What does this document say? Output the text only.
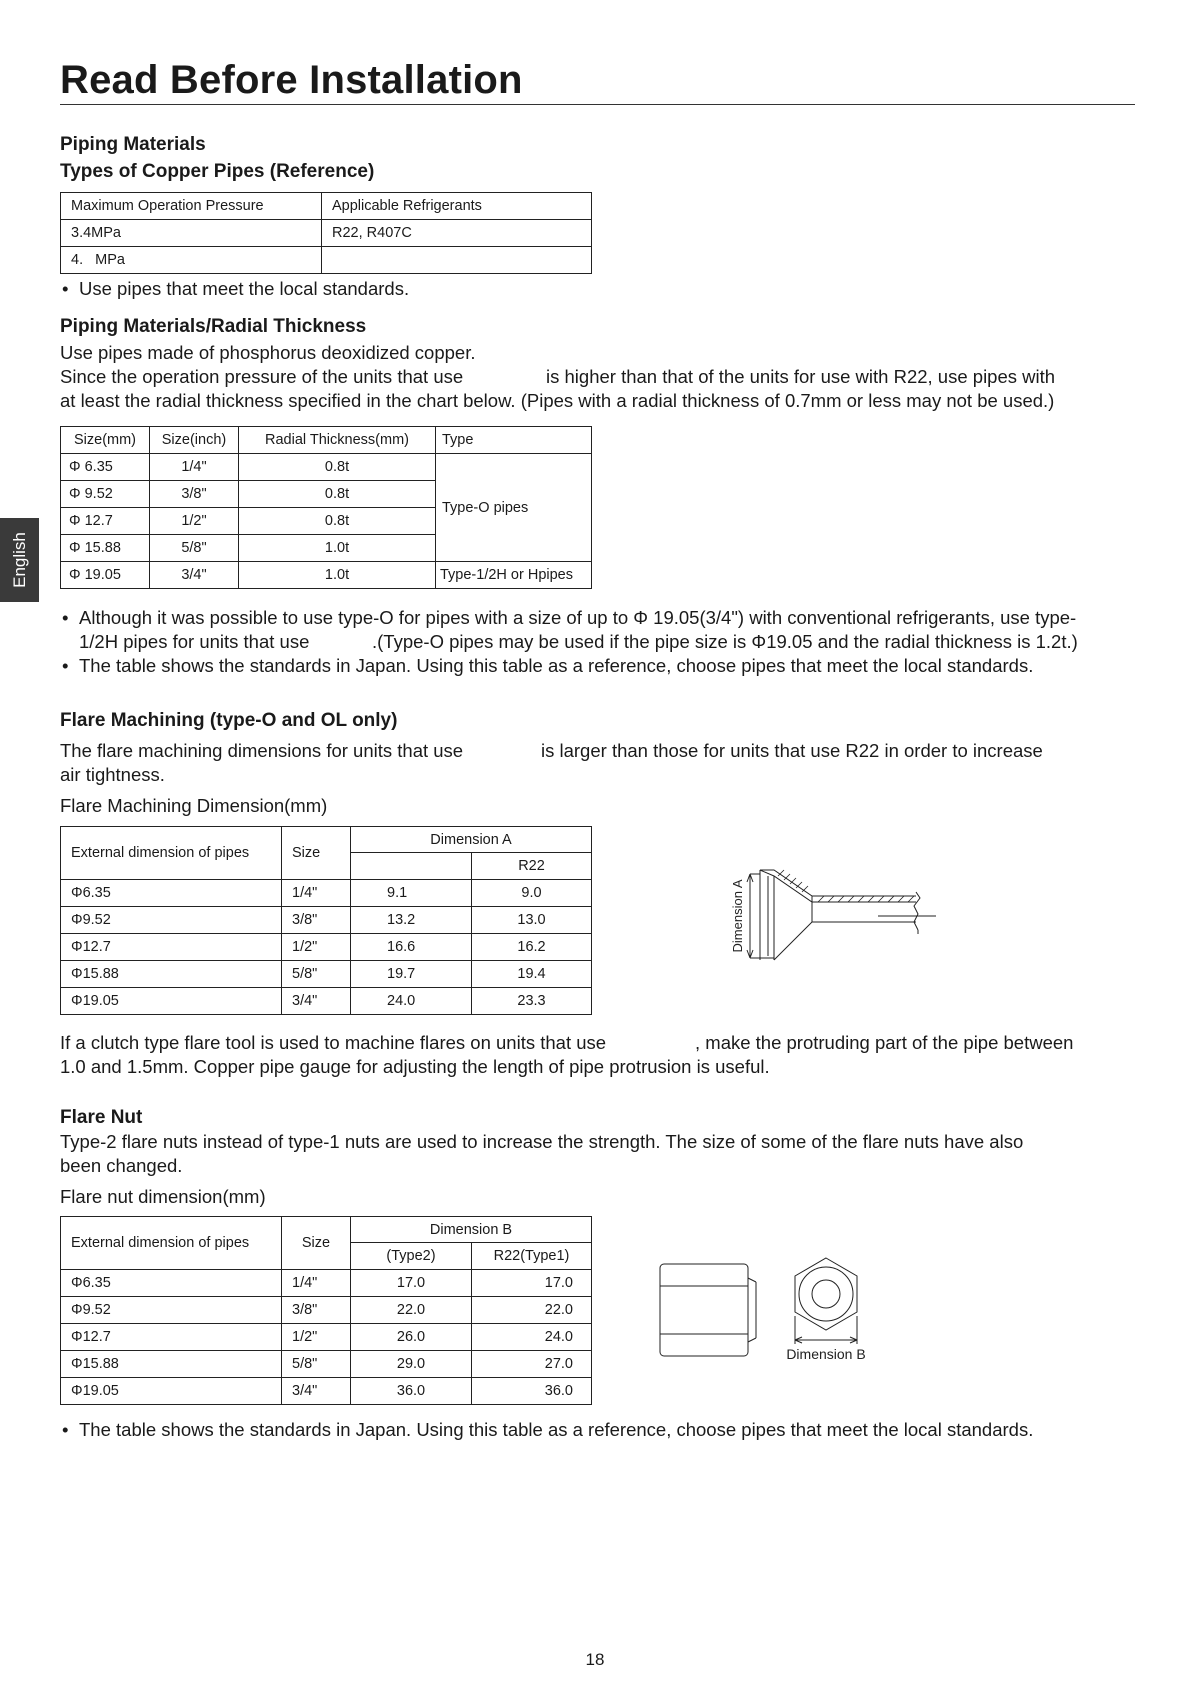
Read Before Installation
English
Piping Materials
Types of Copper Pipes (Reference)
Maximum Operation Pressure	Applicable Refrigerants
3.4MPa	R22, R407C
4.   MPa	
• Use pipes that meet the local standards.
Piping Materials/Radial Thickness
Use pipes made of phosphorus deoxidized copper.
Since the operation pressure of the units that use	is higher than that of the units for use with R22, use pipes with
at least the radial thickness specified in the chart below. (Pipes with a radial thickness of 0.7mm or less may not be used.)
Size(mm)	Size(inch)	Radial Thickness(mm)	Type
Φ 6.35	1/4"	0.8t	Type-O pipes
Φ 9.52	3/8"	0.8t	
Φ 12.7	1/2"	0.8t	
Φ 15.88	5/8"	1.0t	
Φ 19.05	3/4"	1.0t	Type-1/2H or Hpipes
• Although it was possible to use type-O for pipes with a size of up to Φ 19.05(3/4") with conventional refrigerants, use type-
1/2H pipes for units that use	.(Type-O pipes may be used if the pipe size is Φ19.05 and the radial thickness is 1.2t.)
• The table shows the standards in Japan. Using this table as a reference, choose pipes that meet the local standards.
Flare Machining (type-O and OL only)
The flare machining dimensions for units that use	is larger than those for units that use R22 in order to increase
air tightness.
Flare Machining Dimension(mm)
External dimension of pipes	Size	Dimension A	
			R22
Φ6.35	1/4"	9.1	9.0
Φ9.52	3/8"	13.2	13.0
Φ12.7	1/2"	16.6	16.2
Φ15.88	5/8"	19.7	19.4
Φ19.05	3/4"	24.0	23.3
Dimension A
If a clutch type flare tool is used to machine flares on units that use	, make the protruding part of the pipe between
1.0 and 1.5mm. Copper pipe gauge for adjusting the length of pipe protrusion is useful.
Flare Nut
Type-2 flare nuts instead of type-1 nuts are used to increase the strength. The size of some of the flare nuts have also
been changed.
Flare nut dimension(mm)
External dimension of pipes	Size	Dimension B	
		(Type2)	R22(Type1)
Φ6.35	1/4"	17.0	17.0
Φ9.52	3/8"	22.0	22.0
Φ12.7	1/2"	26.0	24.0
Φ15.88	5/8"	29.0	27.0
Φ19.05	3/4"	36.0	36.0
Dimension B
• The table shows the standards in Japan. Using this table as a reference, choose pipes that meet the local standards.
18
